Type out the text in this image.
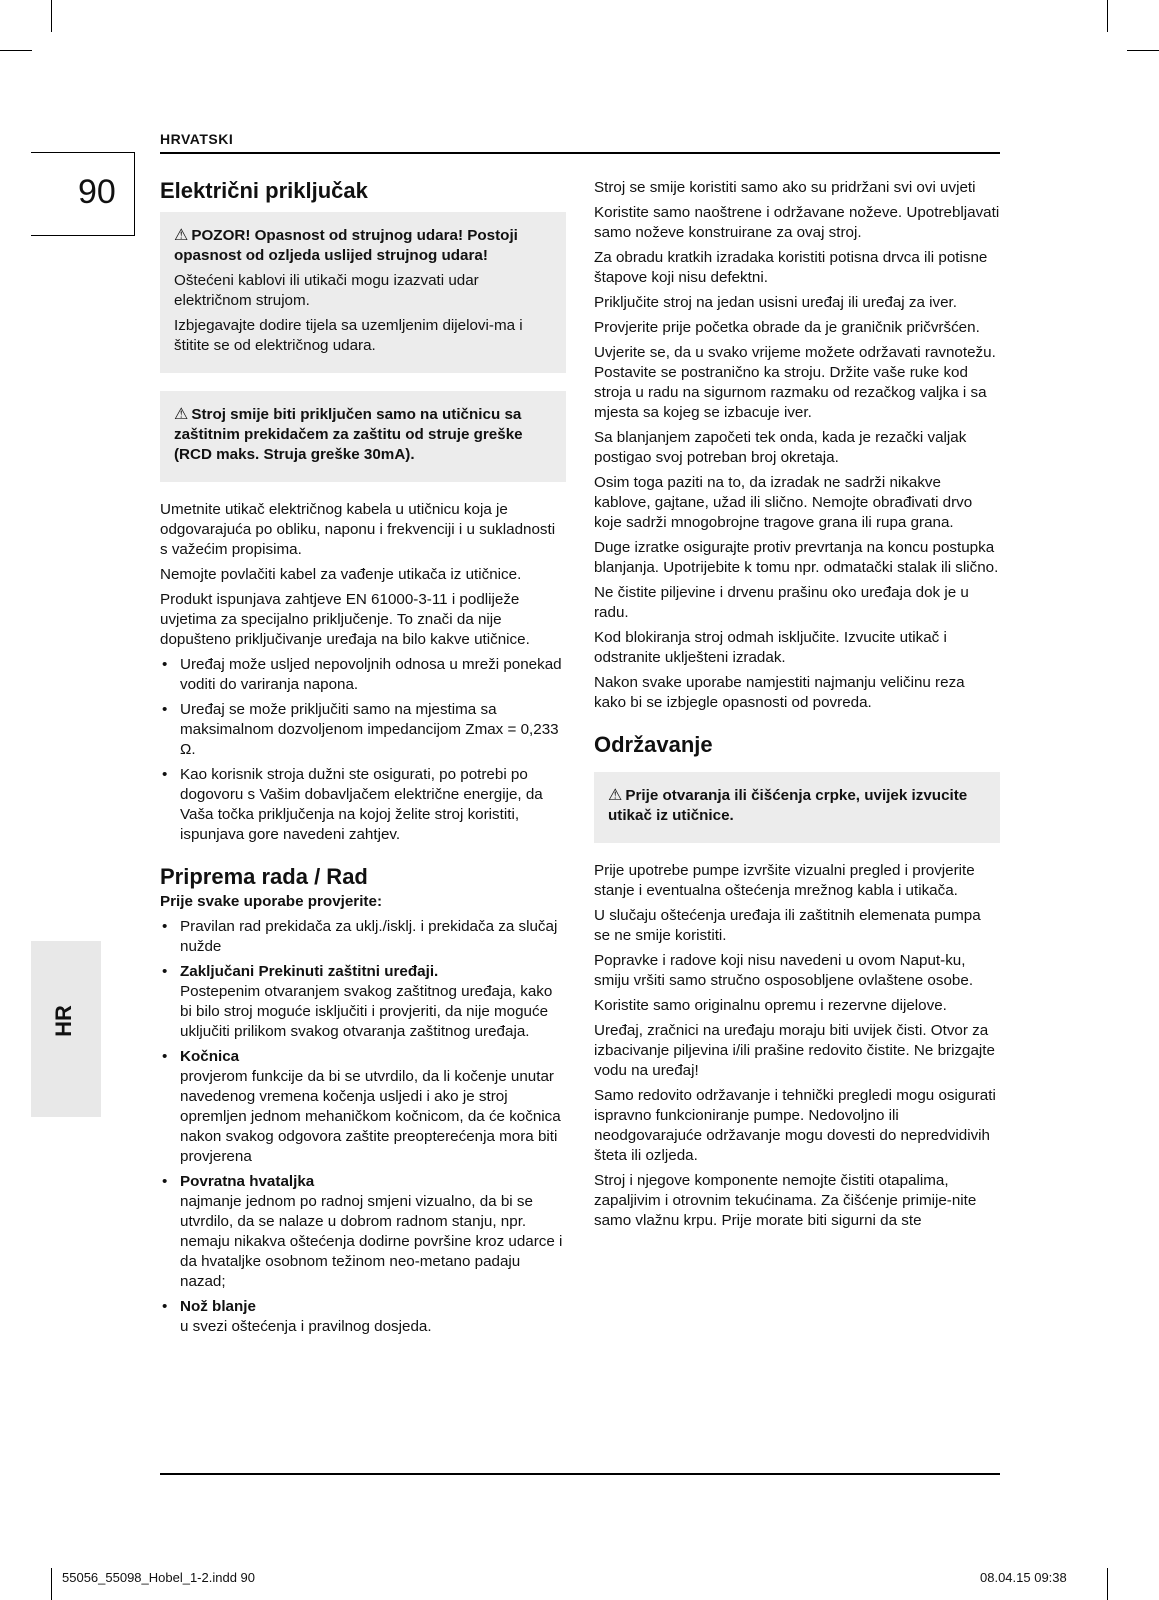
HRVATSKI
90
HR
Električni priključak

⚠ POZOR! Opasnost od strujnog udara! Postoji opasnost od ozljeda uslijed strujnog udara!

Oštećeni kablovi ili utikači mogu izazvati udar električnom strujom.

Izbjegavajte dodire tijela sa uzemljenim dijelovi-ma i štitite se od električnog udara.

⚠ Stroj smije biti priključen samo na utičnicu sa zaštitnim prekidačem za zaštitu od struje greške (RCD maks. Struja greške 30mA).

Umetnite utikač električnog kabela u utičnicu koja je odgovarajuća po obliku, naponu i frekvenciji i u sukladnosti s važećim propisima.

Nemojte povlačiti kabel za vađenje utikača iz utičnice.

Produkt ispunjava zahtjeve EN 61000-3-11 i podliježe uvjetima za specijalno priključenje. To znači da nije dopušteno priključivanje uređaja na bilo kakve utičnice.

• Uređaj može usljed nepovoljnih odnosa u mreži ponekad voditi do variranja napona.
• Uređaj se može priključiti samo na mjestima sa maksimalnom dozvoljenom impedancijom Zmax = 0,233 Ω.
• Kao korisnik stroja dužni ste osigurati, po potrebi po dogovoru s Vašim dobavljačem električne energije, da Vaša točka priključenja na kojoj želite stroj koristiti, ispunjava gore navedeni zahtjev.
Priprema rada / Rad

Prije svake uporabe provjerite:

• Pravilan rad prekidača za uklj./isklj. i prekidača za slučaj nužde
• Zaključani Prekinuti zaštitni uređaji.
Postepenim otvaranjem svakog zaštitnog uređaja, kako bi bilo stroj moguće isključiti i provjeriti, da nije moguće uključiti prilikom svakog otvaranja zaštitnog uređaja.
• Kočnica
provjerom funkcije da bi se utvrdilo, da li kočenje unutar navedenog vremena kočenja usljedi i ako je stroj opremljen jednom mehaničkom kočnicom, da će kočnica nakon svakog odgovora zaštite preopterećenja mora biti provjerena
• Povratna hvataljka
najmanje jednom po radnoj smjeni vizualno, da bi se utvrdilo, da se nalaze u dobrom radnom stanju, npr. nemaju nikakva oštećenja dodirne površine kroz udarce i da hvataljke osobnom težinom neo-metano padaju nazad;
• Nož blanje
u svezi oštećenja i pravilnog dosjeda.

Stroj se smije koristiti samo ako su pridržani svi ovi uvjeti

Koristite samo naoštrene i održavane noževe. Upotrebljavati samo noževe konstruirane za ovaj stroj.

Za obradu kratkih izradaka koristiti potisna drvca ili potisne štapove koji nisu defektni.

Priključite stroj na jedan usisni uređaj ili uređaj za iver.

Provjerite prije početka obrade da je graničnik pričvršćen.

Uvjerite se, da u svako vrijeme možete održavati ravnotežu. Postavite se postranično ka stroju. Držite vaše ruke kod stroja u radu na sigurnom razmaku od rezačkog valjka i sa mjesta sa kojeg se izbacuje iver.

Sa blanjanjem započeti tek onda, kada je rezački valjak postigao svoj potreban broj okretaja.

Osim toga paziti na to, da izradak ne sadrži nikakve kablove, gajtane, užad ili slično. Nemojte obrađivati drvo koje sadrži mnogobrojne tragove grana ili rupa grana.

Duge izratke osigurajte protiv prevrtanja na koncu postupka blanjanja. Upotrijebite k tomu npr. odmatački stalak ili slično.

Ne čistite piljevine i drvenu prašinu oko uređaja dok je u radu.

Kod blokiranja stroj odmah isključite. Izvucite utikač i odstranite uklješteni izradak.

Nakon svake uporabe namjestiti najmanju veličinu reza kako bi se izbjegle opasnosti od povreda.

Održavanje

⚠ Prije otvaranja ili čišćenja crpke, uvijek izvucite utikač iz utičnice.

Prije upotrebe pumpe izvršite vizualni pregled i provjerite stanje i eventualna oštećenja mrežnog kabla i utikača.

U slučaju oštećenja uređaja ili zaštitnih elemenata pumpa se ne smije koristiti.

Popravke i radove koji nisu navedeni u ovom Naput-ku, smiju vršiti samo stručno osposobljene ovlaštene osobe.

Koristite samo originalnu opremu i rezervne dijelove.

Uređaj, zračnici na uređaju moraju biti uvijek čisti. Otvor za izbacivanje piljevina i/ili prašine redovito čistite. Ne brizgajte vodu na uređaj!

Samo redovito održavanje i tehnički pregledi mogu osigurati ispravno funkcioniranje pumpe. Nedovoljno ili neodgovarajuće održavanje mogu dovesti do nepredvidivih šteta ili ozljeda.

Stroj i njegove komponente nemojte čistiti otapalima, zapaljivim i otrovnim tekućinama. Za čišćenje primije-nite samo vlažnu krpu. Prije morate biti sigurni da ste

55056_55098_Hobel_1-2.indd 90	08.04.15 09:38
